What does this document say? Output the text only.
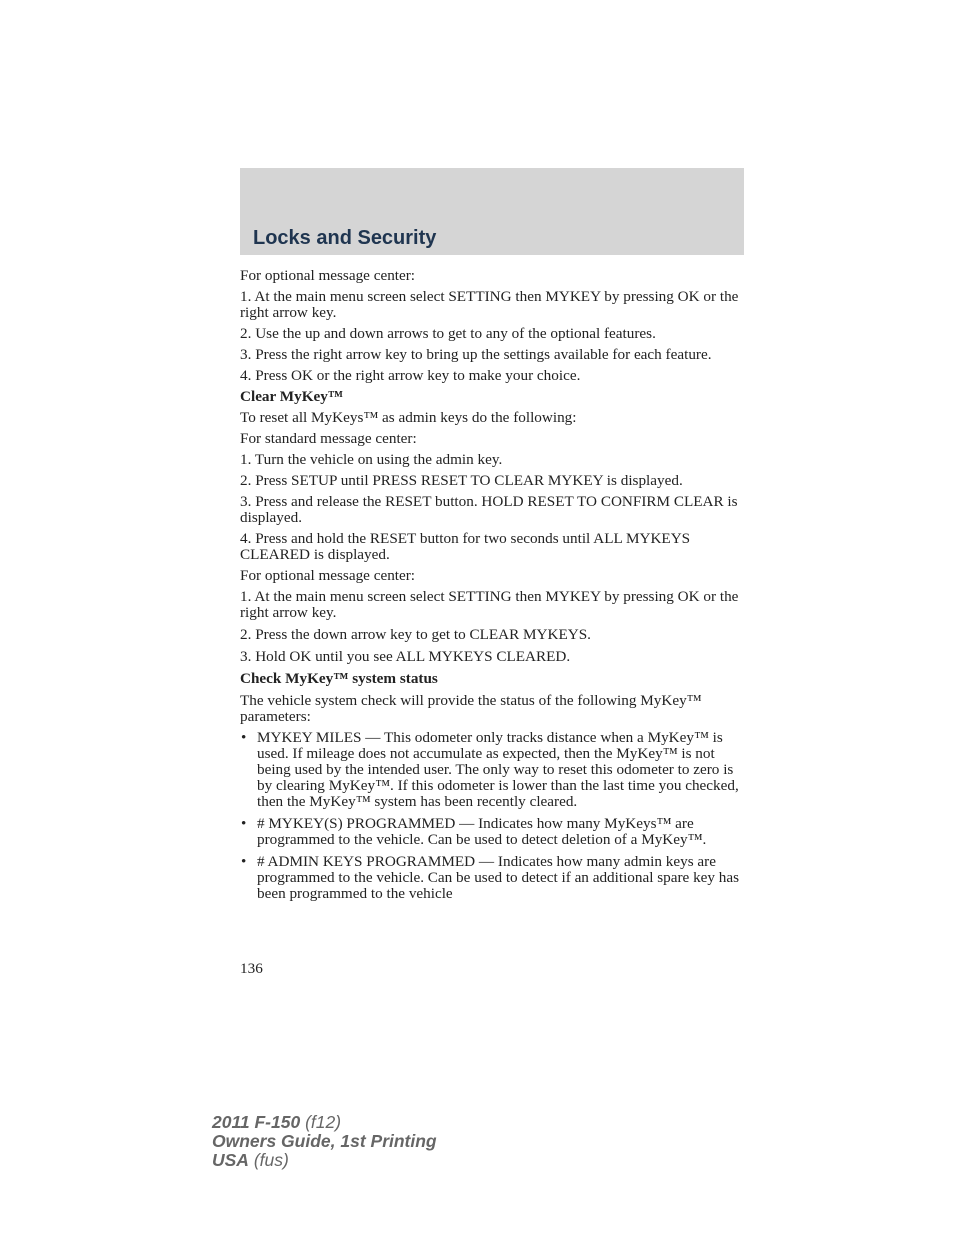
Locks and Security

For optional message center:

1. At the main menu screen select SETTING then MYKEY by pressing OK or the right arrow key.

2. Use the up and down arrows to get to any of the optional features.

3. Press the right arrow key to bring up the settings available for each feature.

4. Press OK or the right arrow key to make your choice.

Clear MyKey™

To reset all MyKeys™ as admin keys do the following:

For standard message center:

1. Turn the vehicle on using the admin key.

2. Press SETUP until PRESS RESET TO CLEAR MYKEY is displayed.

3. Press and release the RESET button. HOLD RESET TO CONFIRM CLEAR is displayed.

4. Press and hold the RESET button for two seconds until ALL MYKEYS CLEARED is displayed.

For optional message center:

1. At the main menu screen select SETTING then MYKEY by pressing OK or the right arrow key.

2. Press the down arrow key to get to CLEAR MYKEYS.

3. Hold OK until you see ALL MYKEYS CLEARED.

Check MyKey™ system status

The vehicle system check will provide the status of the following MyKey™ parameters:

• MYKEY MILES — This odometer only tracks distance when a MyKey™ is used. If mileage does not accumulate as expected, then the MyKey™ is not being used by the intended user. The only way to reset this odometer to zero is by clearing MyKey™. If this odometer is lower than the last time you checked, then the MyKey™ system has been recently cleared.
• # MYKEY(S) PROGRAMMED — Indicates how many MyKeys™ are programmed to the vehicle. Can be used to detect deletion of a MyKey™.
• # ADMIN KEYS PROGRAMMED — Indicates how many admin keys are programmed to the vehicle. Can be used to detect if an additional spare key has been programmed to the vehicle
136
2011 F-150 (f12)
Owners Guide, 1st Printing
USA (fus)
